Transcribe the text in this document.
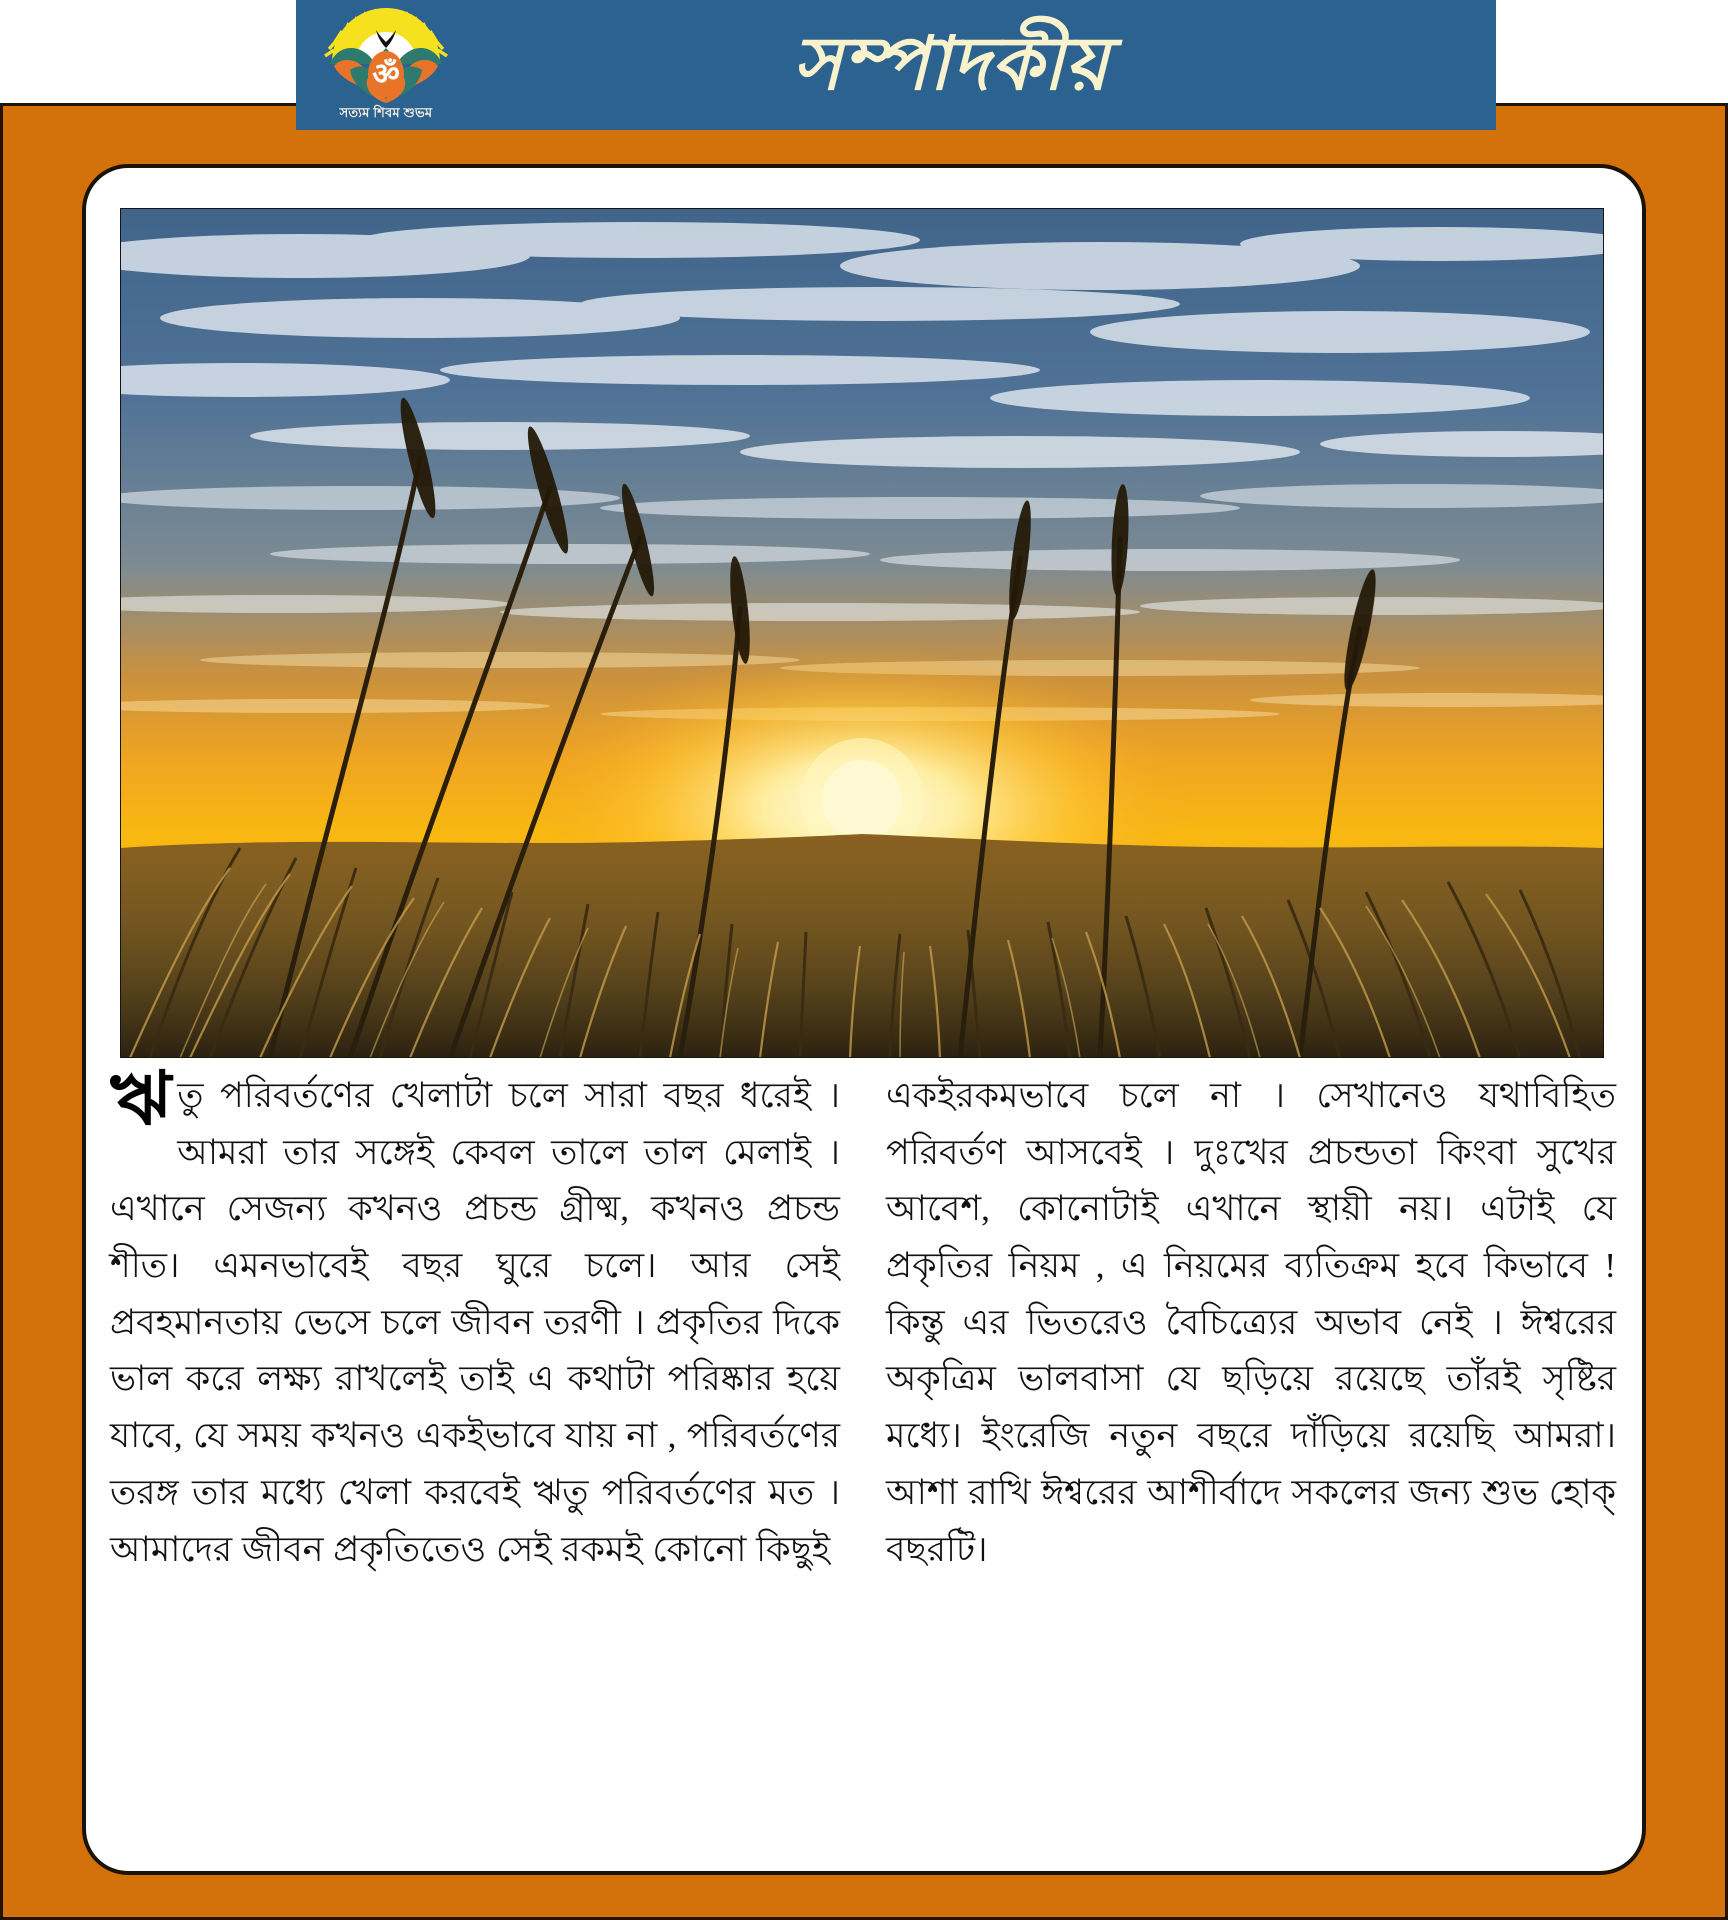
ॐ
সত্যম শিবম শুভম
সম্পাদকীয়

ঋতু পরিবর্তণের খেলাটা চলে সারা বছর ধরেই । আমরা তার সঙ্গেই কেবল তালে তাল মেলাই । এখানে সেজন্য কখনও প্রচন্ড গ্রীষ্ম, কখনও প্রচন্ড শীত। এমনভাবেই বছর ঘুরে চলে। আর সেই প্রবহমানতায় ভেসে চলে জীবন তরণী । প্রকৃতির দিকে ভাল করে লক্ষ্য রাখলেই তাই এ কথাটা পরিষ্কার হয়ে যাবে, যে সময় কখনও একইভাবে যায় না , পরিবর্তণের তরঙ্গ তার মধ্যে খেলা করবেই ঋতু পরিবর্তণের মত । আমাদের জীবন প্রকৃতিতেও সেই রকমই কোনো কিছুই

একইরকমভাবে চলে না । সেখানেও যথাবিহিত পরিবর্তণ আসবেই । দুঃখের প্রচন্ডতা কিংবা সুখের আবেশ, কোনোটাই এখানে স্থায়ী নয়। এটাই যে প্রকৃতির নিয়ম , এ নিয়মের ব্যতিক্রম হবে কিভাবে ! কিন্তু এর ভিতরেও বৈচিত্র্যের অভাব নেই । ঈশ্বরের অকৃত্রিম ভালবাসা যে ছড়িয়ে রয়েছে তাঁরই সৃষ্টির মধ্যে। ইংরেজি নতুন বছরে দাঁড়িয়ে রয়েছি আমরা। আশা রাখি ঈশ্বরের আশীর্বাদে সকলের জন্য শুভ হোক্ বছরটি।
